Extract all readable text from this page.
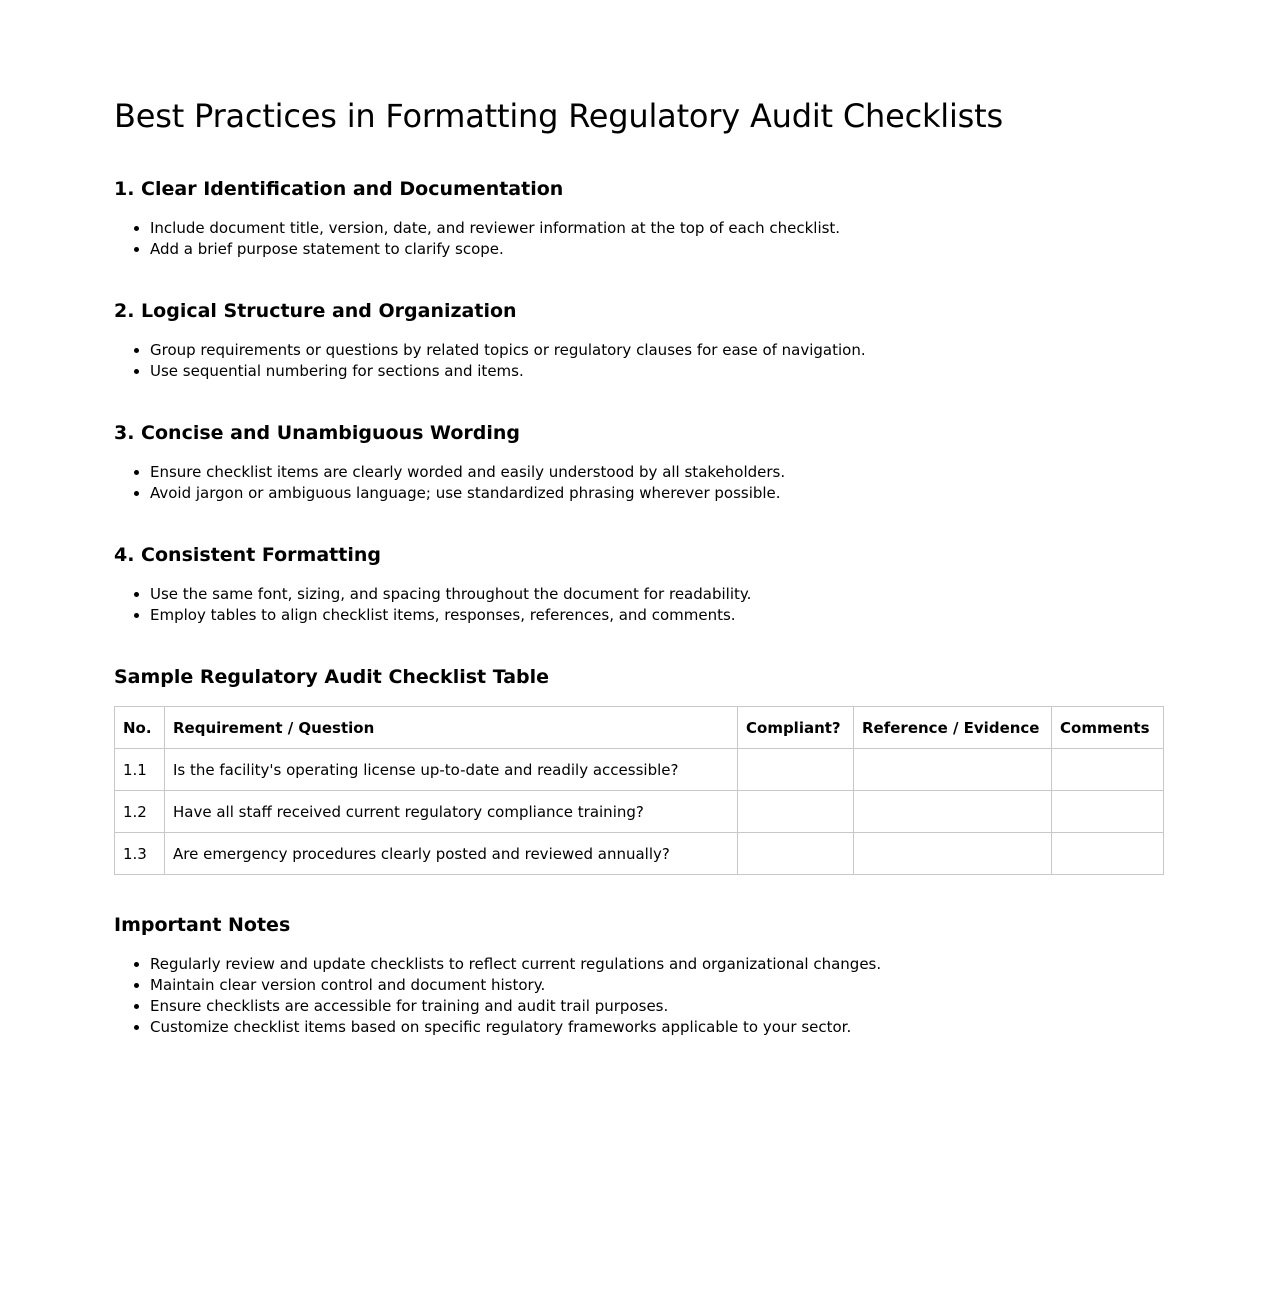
Best Practices in Formatting Regulatory Audit Checklists
1. Clear Identification and Documentation
• Include document title, version, date, and reviewer information at the top of each checklist.
• Add a brief purpose statement to clarify scope.
2. Logical Structure and Organization
• Group requirements or questions by related topics or regulatory clauses for ease of navigation.
• Use sequential numbering for sections and items.
3. Concise and Unambiguous Wording
• Ensure checklist items are clearly worded and easily understood by all stakeholders.
• Avoid jargon or ambiguous language; use standardized phrasing wherever possible.
4. Consistent Formatting
• Use the same font, sizing, and spacing throughout the document for readability.
• Employ tables to align checklist items, responses, references, and comments.
Sample Regulatory Audit Checklist Table
No.	Requirement / Question	Compliant?	Reference / Evidence	Comments
1.1	Is the facility's operating license up-to-date and readily accessible?			
1.2	Have all staff received current regulatory compliance training?			
1.3	Are emergency procedures clearly posted and reviewed annually?			
Important Notes
• Regularly review and update checklists to reflect current regulations and organizational changes.
• Maintain clear version control and document history.
• Ensure checklists are accessible for training and audit trail purposes.
• Customize checklist items based on specific regulatory frameworks applicable to your sector.
